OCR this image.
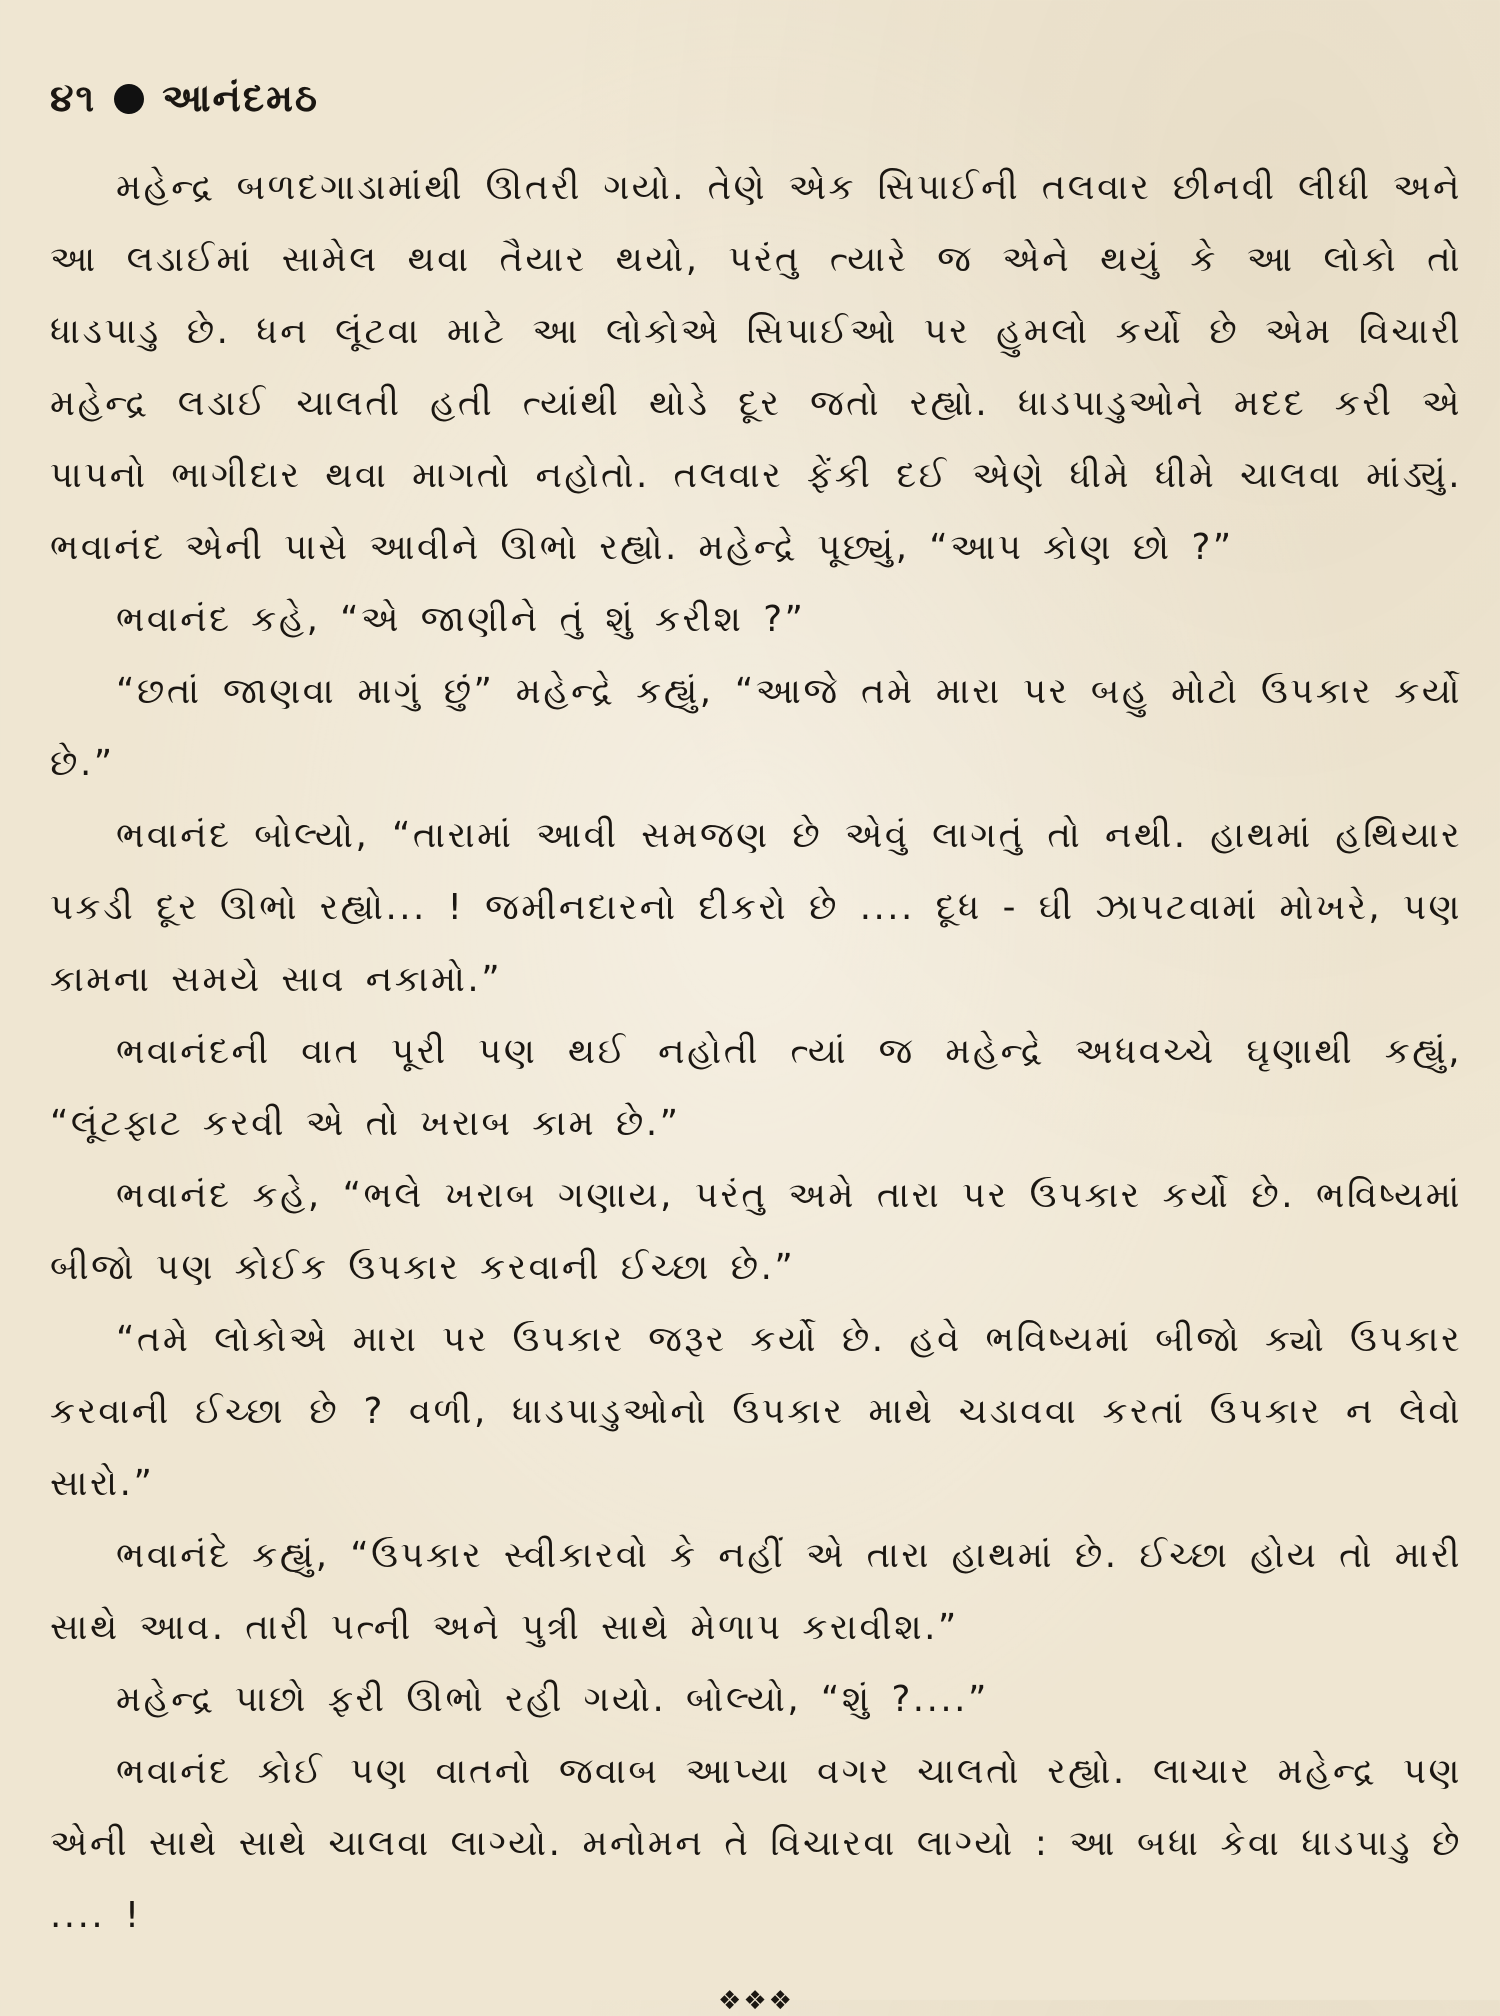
૪૧ આનંદમઠ

મહેન્દ્ર બળદગાડામાંથી ઊતરી ગયો. તેણે એક સિપાઈની તલવાર છીનવી લીધી અને આ લડાઈમાં સામેલ થવા તૈયાર થયો, પરંતુ ત્યારે જ એને થયું કે આ લોકો તો ધાડપાડુ છે. ધન લૂંટવા માટે આ લોકોએ સિપાઈઓ પર હુમલો કર્યો છે એમ વિચારી મહેન્દ્ર લડાઈ ચાલતી હતી ત્યાંથી થોડે દૂર જતો રહ્યો. ધાડપાડુઓને મદદ કરી એ પાપનો ભાગીદાર થવા માગતો નહોતો. તલવાર ફેંકી દઈ એણે ધીમે ધીમે ચાલવા માંડ્યું. ભવાનંદ એની પાસે આવીને ઊભો રહ્યો. મહેન્દ્રે પૂછ્યું, “આપ કોણ છો ?”

ભવાનંદ કહે, “એ જાણીને તું શું કરીશ ?”

“છતાં જાણવા માગું છું” મહેન્દ્રે કહ્યું, “આજે તમે મારા પર બહુ મોટો ઉપકાર કર્યો છે.”

ભવાનંદ બોલ્યો, “તારામાં આવી સમજણ છે એવું લાગતું તો નથી. હાથમાં હથિયાર પકડી દૂર ઊભો રહ્યો... ! જમીનદારનો દીકરો છે .... દૂધ - ઘી ઝાપટવામાં મોખરે, પણ કામના સમયે સાવ નકામો.”

ભવાનંદની વાત પૂરી પણ થઈ નહોતી ત્યાં જ મહેન્દ્રે અધવચ્ચે ઘૃણાથી કહ્યું, “લૂંટફાટ કરવી એ તો ખરાબ કામ છે.”

ભવાનંદ કહે, “ભલે ખરાબ ગણાય, પરંતુ અમે તારા પર ઉપકાર કર્યો છે. ભવિષ્યમાં બીજો પણ કોઈક ઉપકાર કરવાની ઈચ્છા છે.”

“તમે લોકોએ મારા પર ઉપકાર જરૂર કર્યો છે. હવે ભવિષ્યમાં બીજો ક્યો ઉપકાર કરવાની ઈચ્છા છે ? વળી, ધાડપાડુઓનો ઉપકાર માથે ચડાવવા કરતાં ઉપકાર ન લેવો સારો.”

ભવાનંદે કહ્યું, “ઉપકાર સ્વીકારવો કે નહીં એ તારા હાથમાં છે. ઈચ્છા હોય તો મારી સાથે આવ. તારી પત્ની અને પુત્રી સાથે મેળાપ કરાવીશ.”

મહેન્દ્ર પાછો ફરી ઊભો રહી ગયો. બોલ્યો, “શું ?....”

ભવાનંદ કોઈ પણ વાતનો જવાબ આપ્યા વગર ચાલતો રહ્યો. લાચાર મહેન્દ્ર પણ એની સાથે સાથે ચાલવા લાગ્યો. મનોમન તે વિચારવા લાગ્યો : આ બધા કેવા ધાડપાડુ છે .... !

❖❖❖
